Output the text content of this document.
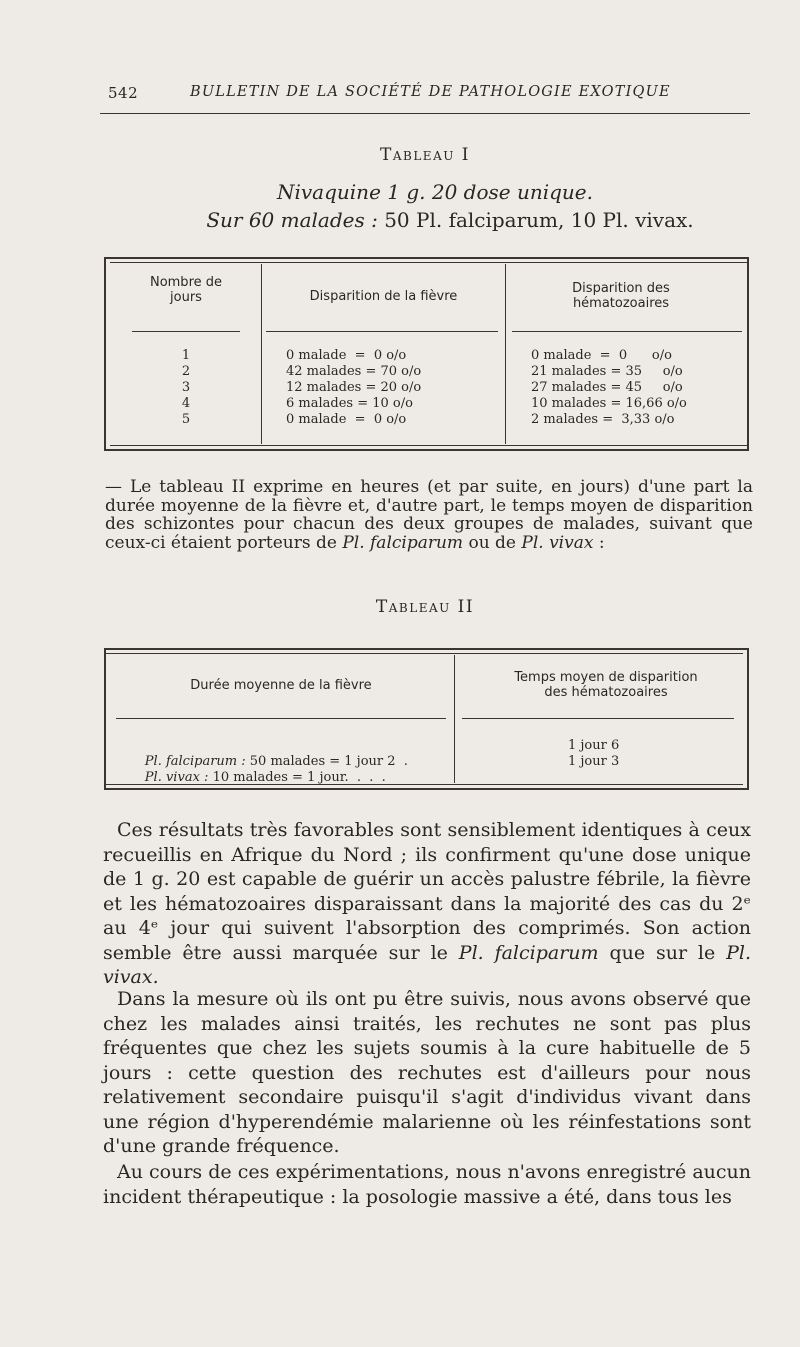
542	BULLETIN DE LA SOCIÉTÉ DE PATHOLOGIE EXOTIQUE
Tableau I
Nivaquine 1 g. 20 dose unique.
Sur 60 malades : 50 Pl. falciparum, 10 Pl. vivax.
Nombre de jours	Disparition de la fièvre
Disparition des hématozoaires
1
2
3
4
5
0 malade  =  0 o/o
42 malades = 70 o/o
12 malades = 20 o/o
6 malades = 10 o/o
0 malade  =  0 o/o
0 malade  =  0      o/o
21 malades = 35     o/o
27 malades = 45     o/o
10 malades = 16,66 o/o
2 malades =  3,33 o/o
— Le tableau II exprime en heures (et par suite, en jours) d'une part la durée moyenne de la fièvre et, d'autre part, le temps moyen de disparition des schizontes pour chacun des deux groupes de malades, suivant que ceux-ci étaient porteurs de Pl. falciparum ou de Pl. vivax :
Tableau II
Durée moyenne de la fièvre
Temps moyen de disparition des hématozoaires

Pl. falciparum : 50 malades = 1 jour 2  .

Pl. vivax : 10 malades = 1 jour.  .  .  .

1 jour 6
1 jour 3
Ces résultats très favorables sont sensiblement identiques à ceux recueillis en Afrique du Nord ; ils confirment qu'une dose unique de 1 g. 20 est capable de guérir un accès palustre fébrile, la fièvre et les hématozoaires disparaissant dans la majorité des cas du 2ᵉ au 4ᵉ jour qui suivent l'absorption des comprimés. Son action semble être aussi marquée sur le Pl. falciparum que sur le Pl. vivax.
Dans la mesure où ils ont pu être suivis, nous avons observé que chez les malades ainsi traités, les rechutes ne sont pas plus fréquentes que chez les sujets soumis à la cure habituelle de 5 jours : cette question des rechutes est d'ailleurs pour nous relativement secondaire puisqu'il s'agit d'individus vivant dans une région d'hyperendémie malarienne où les réinfestations sont d'une grande fréquence.
Au cours de ces expérimentations, nous n'avons enregistré aucun incident thérapeutique : la posologie massive a été, dans tous les
